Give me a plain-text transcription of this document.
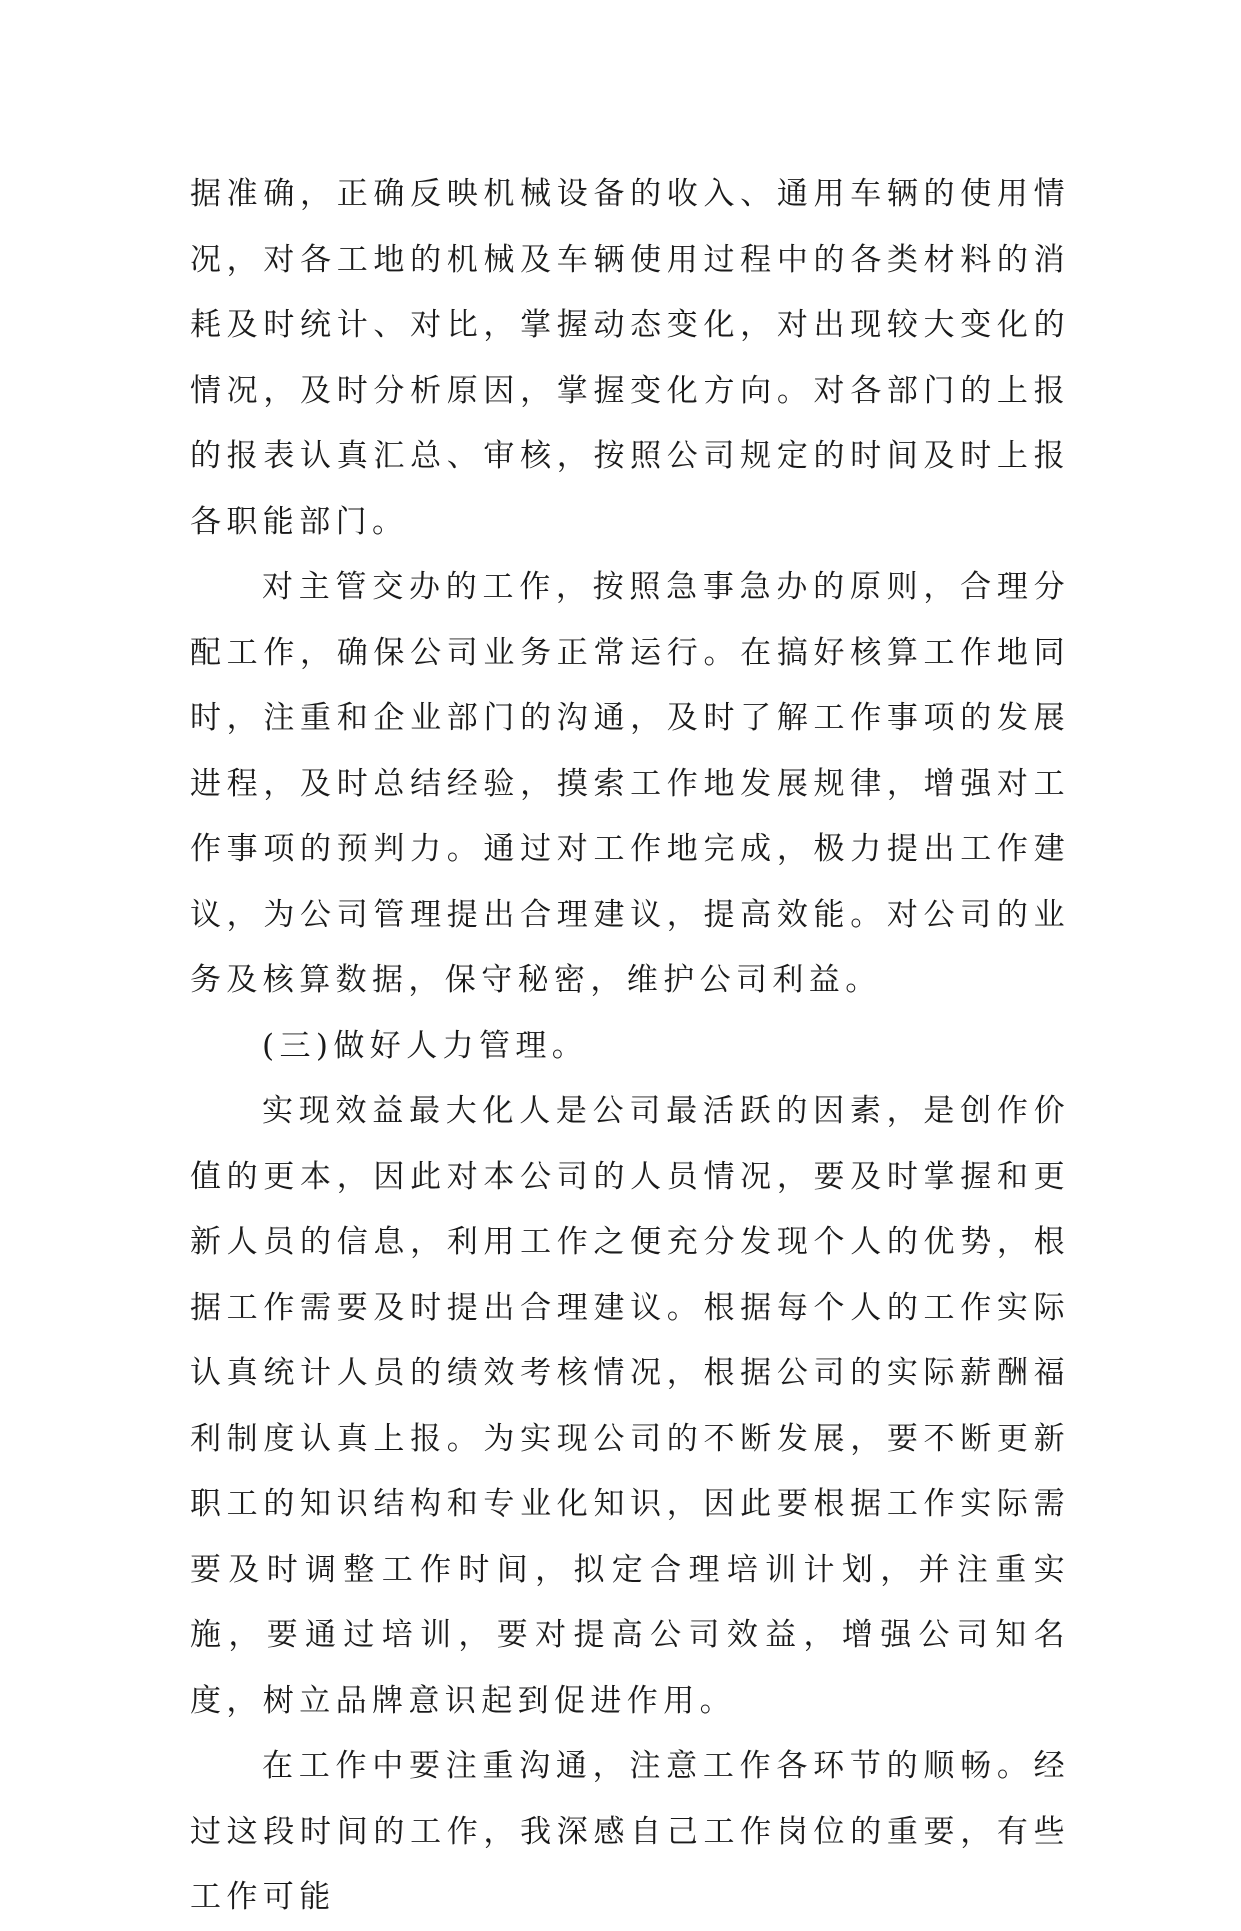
据准确，正确反映机械设备的收入、通用车辆的使用情况，对各工地的机械及车辆使用过程中的各类材料的消耗及时统计、对比，掌握动态变化，对出现较大变化的情况，及时分析原因，掌握变化方向。对各部门的上报的报表认真汇总、审核，按照公司规定的时间及时上报各职能部门。

对主管交办的工作，按照急事急办的原则，合理分配工作，确保公司业务正常运行。在搞好核算工作地同时，注重和企业部门的沟通，及时了解工作事项的发展进程，及时总结经验，摸索工作地发展规律，增强对工作事项的预判力。通过对工作地完成，极力提出工作建议，为公司管理提出合理建议，提高效能。对公司的业务及核算数据，保守秘密，维护公司利益。

(三)做好人力管理。

实现效益最大化人是公司最活跃的因素，是创作价值的更本，因此对本公司的人员情况，要及时掌握和更新人员的信息，利用工作之便充分发现个人的优势，根据工作需要及时提出合理建议。根据每个人的工作实际认真统计人员的绩效考核情况，根据公司的实际薪酬福利制度认真上报。为实现公司的不断发展，要不断更新职工的知识结构和专业化知识，因此要根据工作实际需要及时调整工作时间，拟定合理培训计划，并注重实施，要通过培训，要对提高公司效益，增强公司知名度，树立品牌意识起到促进作用。

在工作中要注重沟通，注意工作各环节的顺畅。经过这段时间的工作，我深感自己工作岗位的重要，有些工作可能
